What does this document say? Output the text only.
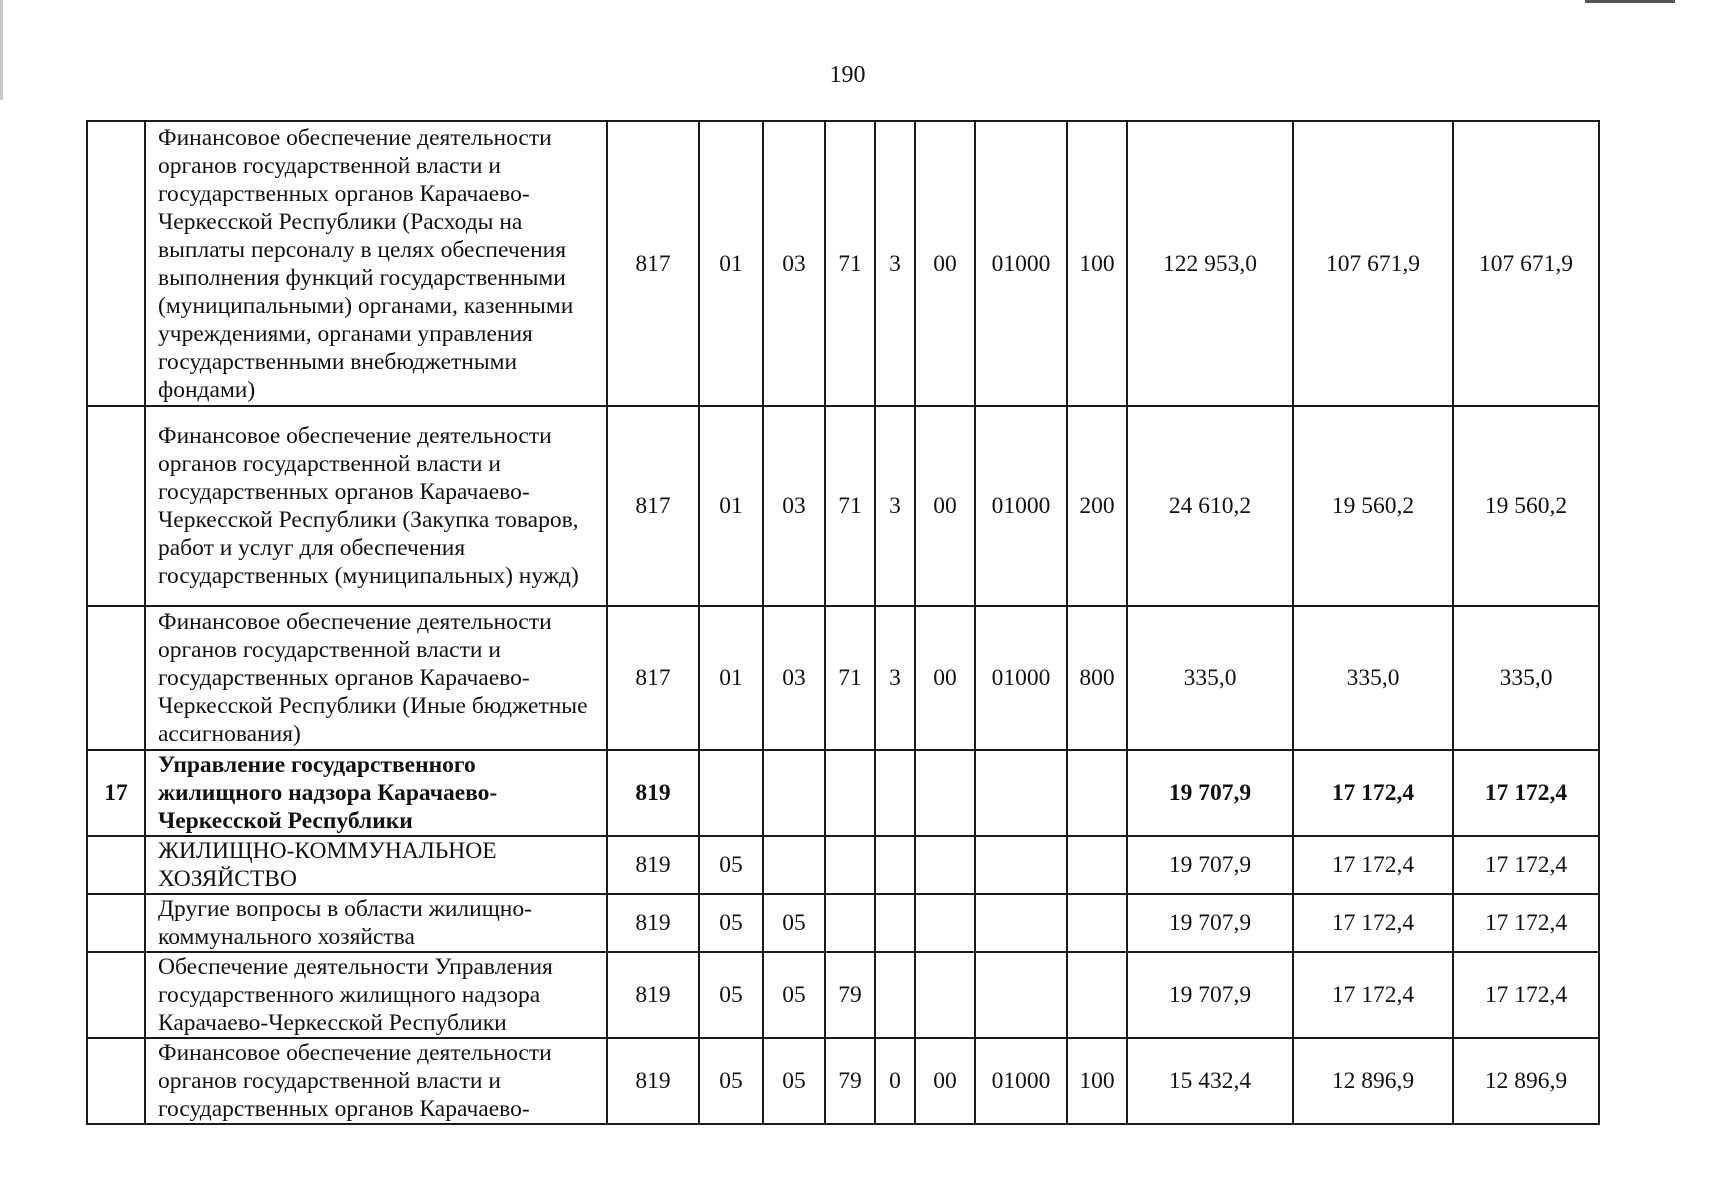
190
	Финансовое обеспечение деятельности органов государственной власти и государственных органов Карачаево-Черкесской Республики (Расходы на выплаты персоналу в целях обеспечения выполнения функций государственными (муниципальными) органами, казенными учреждениями, органами управления государственными внебюджетными фондами)	817	01	03	71	3	00	01000	100	122 953,0	107 671,9	107 671,9
	Финансовое обеспечение деятельности органов государственной власти и государственных органов Карачаево-Черкесской Республики (Закупка товаров, работ и услуг для обеспечения государственных (муниципальных) нужд)	817	01	03	71	3	00	01000	200	24 610,2	19 560,2	19 560,2
	Финансовое обеспечение деятельности органов государственной власти и государственных органов Карачаево-Черкесской Республики (Иные бюджетные ассигнования)	817	01	03	71	3	00	01000	800	335,0	335,0	335,0
17	Управление государственного жилищного надзора Карачаево-Черкесской Республики	819								19 707,9	17 172,4	17 172,4
	ЖИЛИЩНО-КОММУНАЛЬНОЕ ХОЗЯЙСТВО	819	05							19 707,9	17 172,4	17 172,4
	Другие вопросы в области жилищно-коммунального хозяйства	819	05	05						19 707,9	17 172,4	17 172,4
	Обеспечение деятельности Управления государственного жилищного надзора Карачаево-Черкесской Республики	819	05	05	79					19 707,9	17 172,4	17 172,4
	Финансовое обеспечение деятельности органов государственной власти и государственных органов Карачаево-	819	05	05	79	0	00	01000	100	15 432,4	12 896,9	12 896,9
